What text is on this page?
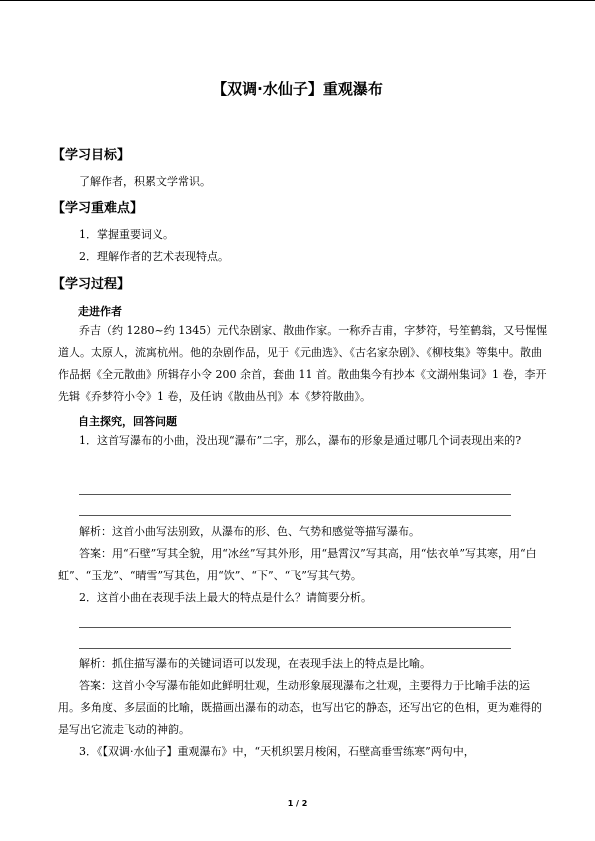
【双调·水仙子】重观瀑布
【学习目标】
了解作者，积累文学常识。
【学习重难点】
1．掌握重要词义。
2．理解作者的艺术表现特点。
【学习过程】
走进作者
乔吉（约 1280~约 1345）元代杂剧家、散曲作家。一称乔吉甫，字梦符，号笙鹤翁，又号惺惺道人。太原人，流寓杭州。他的杂剧作品，见于《元曲选》、《古名家杂剧》、《柳枝集》等集中。散曲作品据《全元散曲》所辑存小令 200 余首，套曲 11 首。散曲集今有抄本《文湖州集词》1 卷，李开先辑《乔梦符小令》1 卷，及任讷《散曲丛刊》本《梦符散曲》。
自主探究，回答问题
1．这首写瀑布的小曲，没出现“瀑布”二字，那么，瀑布的形象是通过哪几个词表现出来的?
解析：这首小曲写法别致，从瀑布的形、色、气势和感觉等描写瀑布。
答案：用“石壁”写其全貌，用“冰丝”写其外形，用“悬霄汉”写其高，用“怯衣单”写其寒，用“白虹”、“玉龙”、“晴雪”写其色，用“饮”、“下”、“飞”写其气势。
2．这首小曲在表现手法上最大的特点是什么？请简要分析。
解析：抓住描写瀑布的关键词语可以发现，在表现手法上的特点是比喻。
答案：这首小令写瀑布能如此鲜明壮观，生动形象展现瀑布之壮观，主要得力于比喻手法的运用。多角度、多层面的比喻，既描画出瀑布的动态，也写出它的静态，还写出它的色相，更为难得的是写出它流走飞动的神韵。
3．《【双调·水仙子】重观瀑布》中，“天机织罢月梭闲，石壁高垂雪练寒”两句中，
1 / 2
